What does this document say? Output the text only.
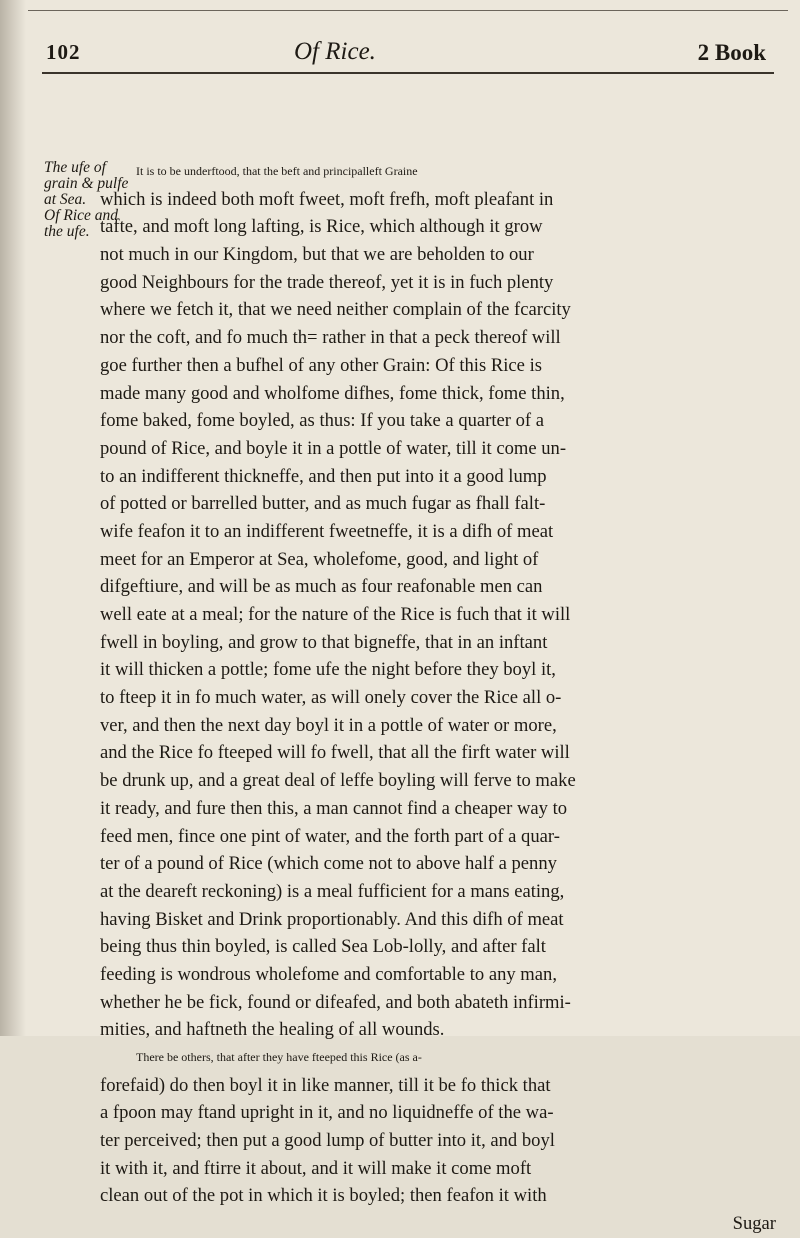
102	Of Rice.	2 Book
The ufe of
grain & pulfe
at Sea.
Of Rice and
the ufe.
It is to be underftood, that the beft and principalleft Graine
which is indeed both moft fweet, moft frefh, moft pleafant in
tafte, and moft long lafting, is Rice, which although it grow
not much in our Kingdom, but that we are beholden to our
good Neighbours for the trade thereof, yet it is in fuch plenty
where we fetch it, that we need neither complain of the fcarcity
nor the coft, and fo much th= rather in that a peck thereof will
goe further then a bufhel of any other Grain: Of this Rice is
made many good and wholfome difhes, fome thick, fome thin,
fome baked, fome boyled, as thus: If you take a quarter of a
pound of Rice, and boyle it in a pottle of water, till it come un-
to an indifferent thickneffe, and then put into it a good lump
of potted or barrelled butter, and as much fugar as fhall falt-
wife feafon it to an indifferent fweetneffe, it is a difh of meat
meet for an Emperor at Sea, wholefome, good, and light of
difgeftiure, and will be as much as four reafonable men can
well eate at a meal; for the nature of the Rice is fuch that it will
fwell in boyling, and grow to that bigneffe, that in an inftant
it will thicken a pottle; fome ufe the night before they boyl it,
to fteep it in fo much water, as will onely cover the Rice all o-
ver, and then the next day boyl it in a pottle of water or more,
and the Rice fo fteeped will fo fwell, that all the firft water will
be drunk up, and a great deal of leffe boyling will ferve to make
it ready, and fure then this, a man cannot find a cheaper way to
feed men, fince one pint of water, and the forth part of a quar-
ter of a pound of Rice (which come not to above half a penny
at the deareft reckoning) is a meal fufficient for a mans eating,
having Bisket and Drink proportionably. And this difh of meat
being thus thin boyled, is called Sea Lob-lolly, and after falt
feeding is wondrous wholefome and comfortable to any man,
whether he be fick, found or difeafed, and both abateth infirmi-
mities, and haftneth the healing of all wounds.
There be others, that after they have fteeped this Rice (as a-
forefaid) do then boyl it in like manner, till it be fo thick that
a fpoon may ftand upright in it, and no liquidneffe of the wa-
ter perceived; then put a good lump of butter into it, and boyl
it with it, and ftirre it about, and it will make it come moft
clean out of the pot in which it is boyled; then feafon it with
Sugar
